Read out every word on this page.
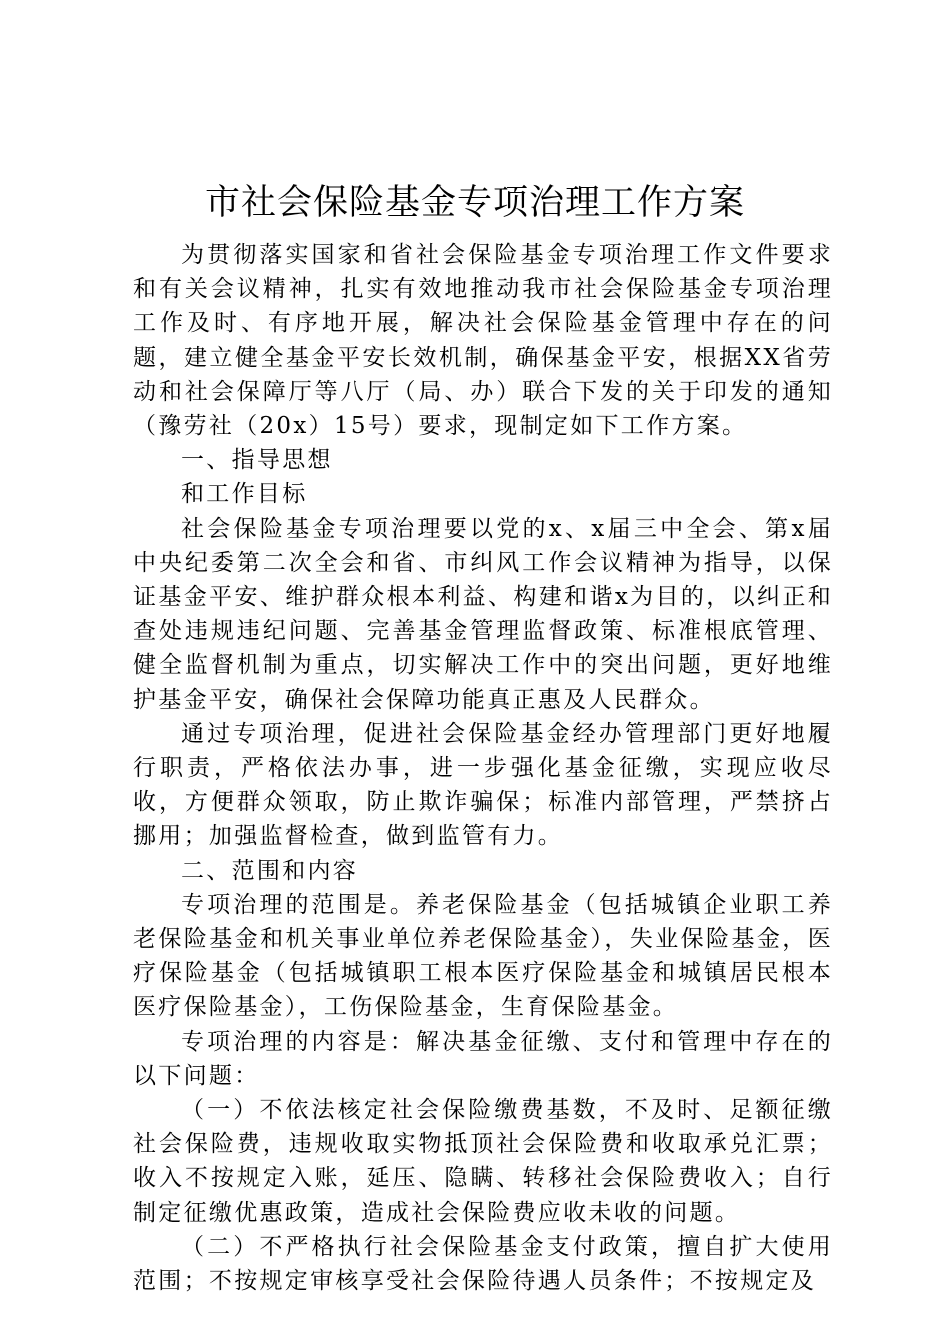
市社会保险基金专项治理工作方案

为贯彻落实国家和省社会保险基金专项治理工作文件要求和有关会议精神，扎实有效地推动我市社会保险基金专项治理工作及时、有序地开展，解决社会保险基金管理中存在的问题，建立健全基金平安长效机制，确保基金平安，根据XX省劳动和社会保障厅等八厅（局、办）联合下发的关于印发的通知（豫劳社（20x）15号）要求，现制定如下工作方案。

一、指导思想

和工作目标

社会保险基金专项治理要以党的x、x届三中全会、第x届中央纪委第二次全会和省、市纠风工作会议精神为指导，以保证基金平安、维护群众根本利益、构建和谐x为目的，以纠正和查处违规违纪问题、完善基金管理监督政策、标准根底管理、健全监督机制为重点，切实解决工作中的突出问题，更好地维护基金平安，确保社会保障功能真正惠及人民群众。

通过专项治理，促进社会保险基金经办管理部门更好地履行职责，严格依法办事，进一步强化基金征缴，实现应收尽收，方便群众领取，防止欺诈骗保；标准内部管理，严禁挤占挪用；加强监督检查，做到监管有力。

二、范围和内容

专项治理的范围是。养老保险基金（包括城镇企业职工养老保险基金和机关事业单位养老保险基金），失业保险基金，医疗保险基金（包括城镇职工根本医疗保险基金和城镇居民根本医疗保险基金），工伤保险基金，生育保险基金。

专项治理的内容是：解决基金征缴、支付和管理中存在的以下问题：

（一）不依法核定社会保险缴费基数，不及时、足额征缴社会保险费，违规收取实物抵顶社会保险费和收取承兑汇票；收入不按规定入账，延压、隐瞒、转移社会保险费收入；自行制定征缴优惠政策，造成社会保险费应收未收的问题。

（二）不严格执行社会保险基金支付政策，擅自扩大使用范围；不按规定审核享受社会保险待遇人员条件；不按规定及
